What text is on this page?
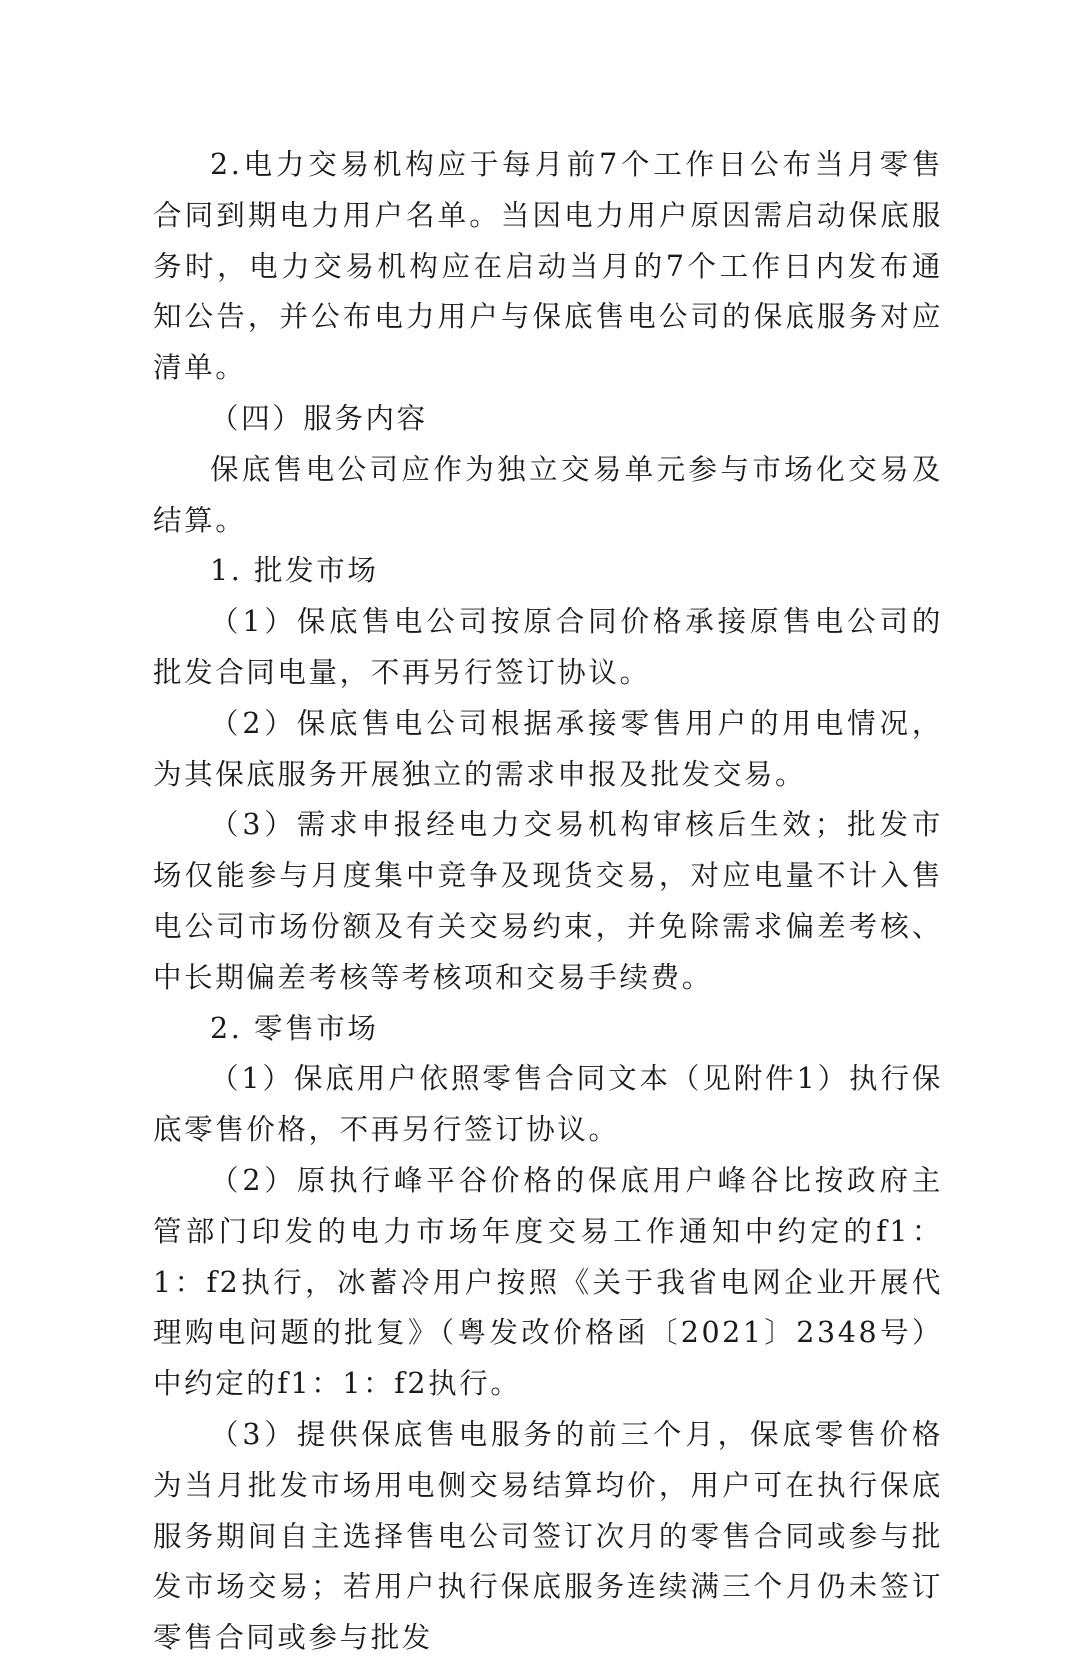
2.电力交易机构应于每月前7个工作日公布当月零售合同到期电力用户名单。当因电力用户原因需启动保底服务时，电力交易机构应在启动当月的7个工作日内发布通知公告，并公布电力用户与保底售电公司的保底服务对应清单。

（四）服务内容

保底售电公司应作为独立交易单元参与市场化交易及结算。

1. 批发市场

（1）保底售电公司按原合同价格承接原售电公司的批发合同电量，不再另行签订协议。

（2）保底售电公司根据承接零售用户的用电情况，为其保底服务开展独立的需求申报及批发交易。

（3）需求申报经电力交易机构审核后生效；批发市场仅能参与月度集中竞争及现货交易，对应电量不计入售电公司市场份额及有关交易约束，并免除需求偏差考核、中长期偏差考核等考核项和交易手续费。

2. 零售市场

（1）保底用户依照零售合同文本（见附件1）执行保底零售价格，不再另行签订协议。

（2）原执行峰平谷价格的保底用户峰谷比按政府主管部门印发的电力市场年度交易工作通知中约定的f1：1：f2执行，冰蓄冷用户按照《关于我省电网企业开展代理购电问题的批复》（粤发改价格函〔2021〕2348号）中约定的f1：1：f2执行。

（3）提供保底售电服务的前三个月，保底零售价格为当月批发市场用电侧交易结算均价，用户可在执行保底服务期间自主选择售电公司签订次月的零售合同或参与批发市场交易；若用户执行保底服务连续满三个月仍未签订零售合同或参与批发
